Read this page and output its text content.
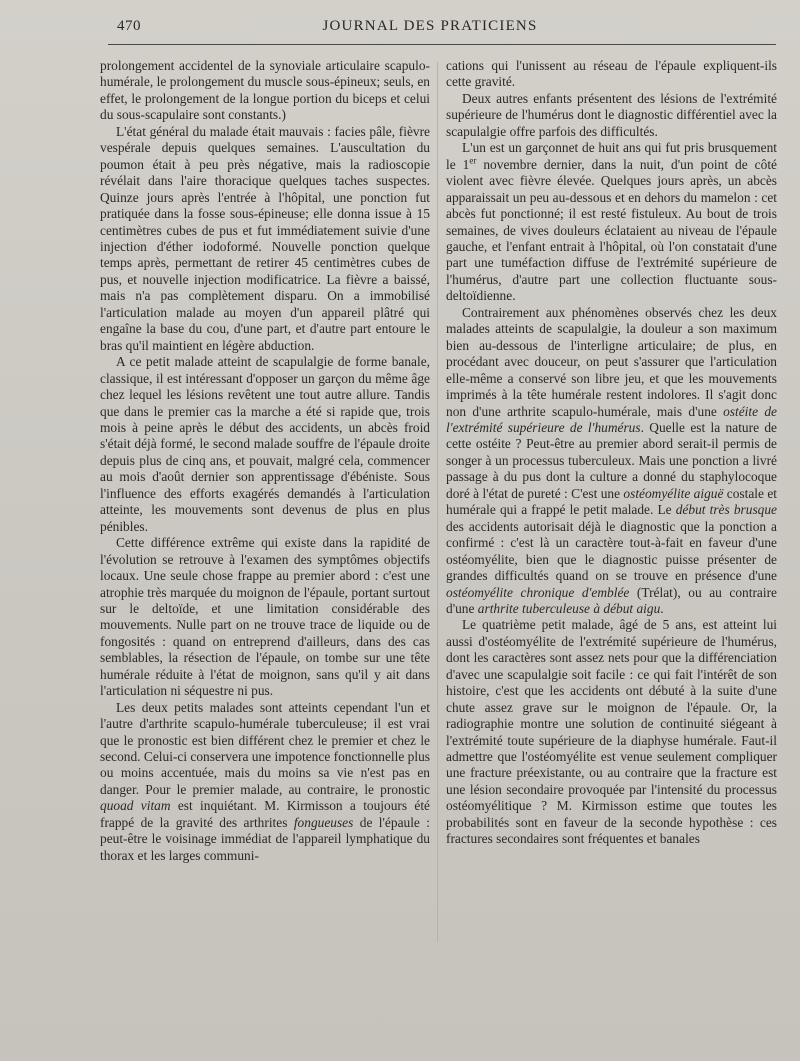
470	JOURNAL DES PRATICIENS

prolongement accidentel de la synoviale articulaire scapulo-humérale, le prolongement du muscle sous-épineux; seuls, en effet, le prolongement de la longue portion du biceps et celui du sous-scapulaire sont constants.)

L'état général du malade était mauvais : facies pâle, fièvre vespérale depuis quelques semaines. L'auscultation du poumon était à peu près négative, mais la radioscopie révélait dans l'aire thoracique quelques taches suspectes. Quinze jours après l'entrée à l'hôpital, une ponction fut pratiquée dans la fosse sous-épineuse; elle donna issue à 15 centimètres cubes de pus et fut immédiatement suivie d'une injection d'éther iodoformé. Nouvelle ponction quelque temps après, permettant de retirer 45 centimètres cubes de pus, et nouvelle injection modificatrice. La fièvre a baissé, mais n'a pas complètement disparu. On a immobilisé l'articulation malade au moyen d'un appareil plâtré qui engaîne la base du cou, d'une part, et d'autre part entoure le bras qu'il maintient en légère abduction.

A ce petit malade atteint de scapulalgie de forme banale, classique, il est intéressant d'opposer un garçon du même âge chez lequel les lésions revêtent une tout autre allure. Tandis que dans le premier cas la marche a été si rapide que, trois mois à peine après le début des accidents, un abcès froid s'était déjà formé, le second malade souffre de l'épaule droite depuis plus de cinq ans, et pouvait, malgré cela, commencer au mois d'août dernier son apprentissage d'ébéniste. Sous l'influence des efforts exagérés demandés à l'articulation atteinte, les mouvements sont devenus de plus en plus pénibles.

Cette différence extrême qui existe dans la rapidité de l'évolution se retrouve à l'examen des symptômes objectifs locaux. Une seule chose frappe au premier abord : c'est une atrophie très marquée du moignon de l'épaule, portant surtout sur le deltoïde, et une limitation considérable des mouvements. Nulle part on ne trouve trace de liquide ou de fongosités : quand on entreprend d'ailleurs, dans des cas semblables, la résection de l'épaule, on tombe sur une tête humérale réduite à l'état de moignon, sans qu'il y ait dans l'articulation ni séquestre ni pus.

Les deux petits malades sont atteints cependant l'un et l'autre d'arthrite scapulo-humérale tuberculeuse; il est vrai que le pronostic est bien différent chez le premier et chez le second. Celui-ci conservera une impotence fonctionnelle plus ou moins accentuée, mais du moins sa vie n'est pas en danger. Pour le premier malade, au contraire, le pronostic quoad vitam est inquiétant. M. Kirmisson a toujours été frappé de la gravité des arthrites fongueuses de l'épaule : peut-être le voisinage immédiat de l'appareil lymphatique du thorax et les larges communi-

cations qui l'unissent au réseau de l'épaule expliquent-ils cette gravité.

Deux autres enfants présentent des lésions de l'extrémité supérieure de l'humérus dont le diagnostic différentiel avec la scapulalgie offre parfois des difficultés.

L'un est un garçonnet de huit ans qui fut pris brusquement le 1er novembre dernier, dans la nuit, d'un point de côté violent avec fièvre élevée. Quelques jours après, un abcès apparaissait un peu au-dessous et en dehors du mamelon : cet abcès fut ponctionné; il est resté fistuleux. Au bout de trois semaines, de vives douleurs éclataient au niveau de l'épaule gauche, et l'enfant entrait à l'hôpital, où l'on constatait d'une part une tuméfaction diffuse de l'extrémité supérieure de l'humérus, d'autre part une collection fluctuante sous-deltoïdienne.

Contrairement aux phénomènes observés chez les deux malades atteints de scapulalgie, la douleur a son maximum bien au-dessous de l'interligne articulaire; de plus, en procédant avec douceur, on peut s'assurer que l'articulation elle-même a conservé son libre jeu, et que les mouvements imprimés à la tête humérale restent indolores. Il s'agit donc non d'une arthrite scapulo-humérale, mais d'une ostéite de l'extrémité supérieure de l'humérus. Quelle est la nature de cette ostéite ? Peut-être au premier abord serait-il permis de songer à un processus tuberculeux. Mais une ponction a livré passage à du pus dont la culture a donné du staphylocoque doré à l'état de pureté : C'est une ostéomyélite aiguë costale et humérale qui a frappé le petit malade. Le début très brusque des accidents autorisait déjà le diagnostic que la ponction a confirmé : c'est là un caractère tout-à-fait en faveur d'une ostéomyélite, bien que le diagnostic puisse présenter de grandes difficultés quand on se trouve en présence d'une ostéomyélite chronique d'emblée (Trélat), ou au contraire d'une arthrite tuberculeuse à début aigu.

Le quatrième petit malade, âgé de 5 ans, est atteint lui aussi d'ostéomyélite de l'extrémité supérieure de l'humérus, dont les caractères sont assez nets pour que la différenciation d'avec une scapulalgie soit facile : ce qui fait l'intérêt de son histoire, c'est que les accidents ont débuté à la suite d'une chute assez grave sur le moignon de l'épaule. Or, la radiographie montre une solution de continuité siégeant à l'extrémité toute supérieure de la diaphyse humérale. Faut-il admettre que l'ostéomyélite est venue seulement compliquer une fracture préexistante, ou au contraire que la fracture est une lésion secondaire provoquée par l'intensité du processus ostéomyélitique ? M. Kirmisson estime que toutes les probabilités sont en faveur de la seconde hypothèse : ces fractures secondaires sont fréquentes et banales
